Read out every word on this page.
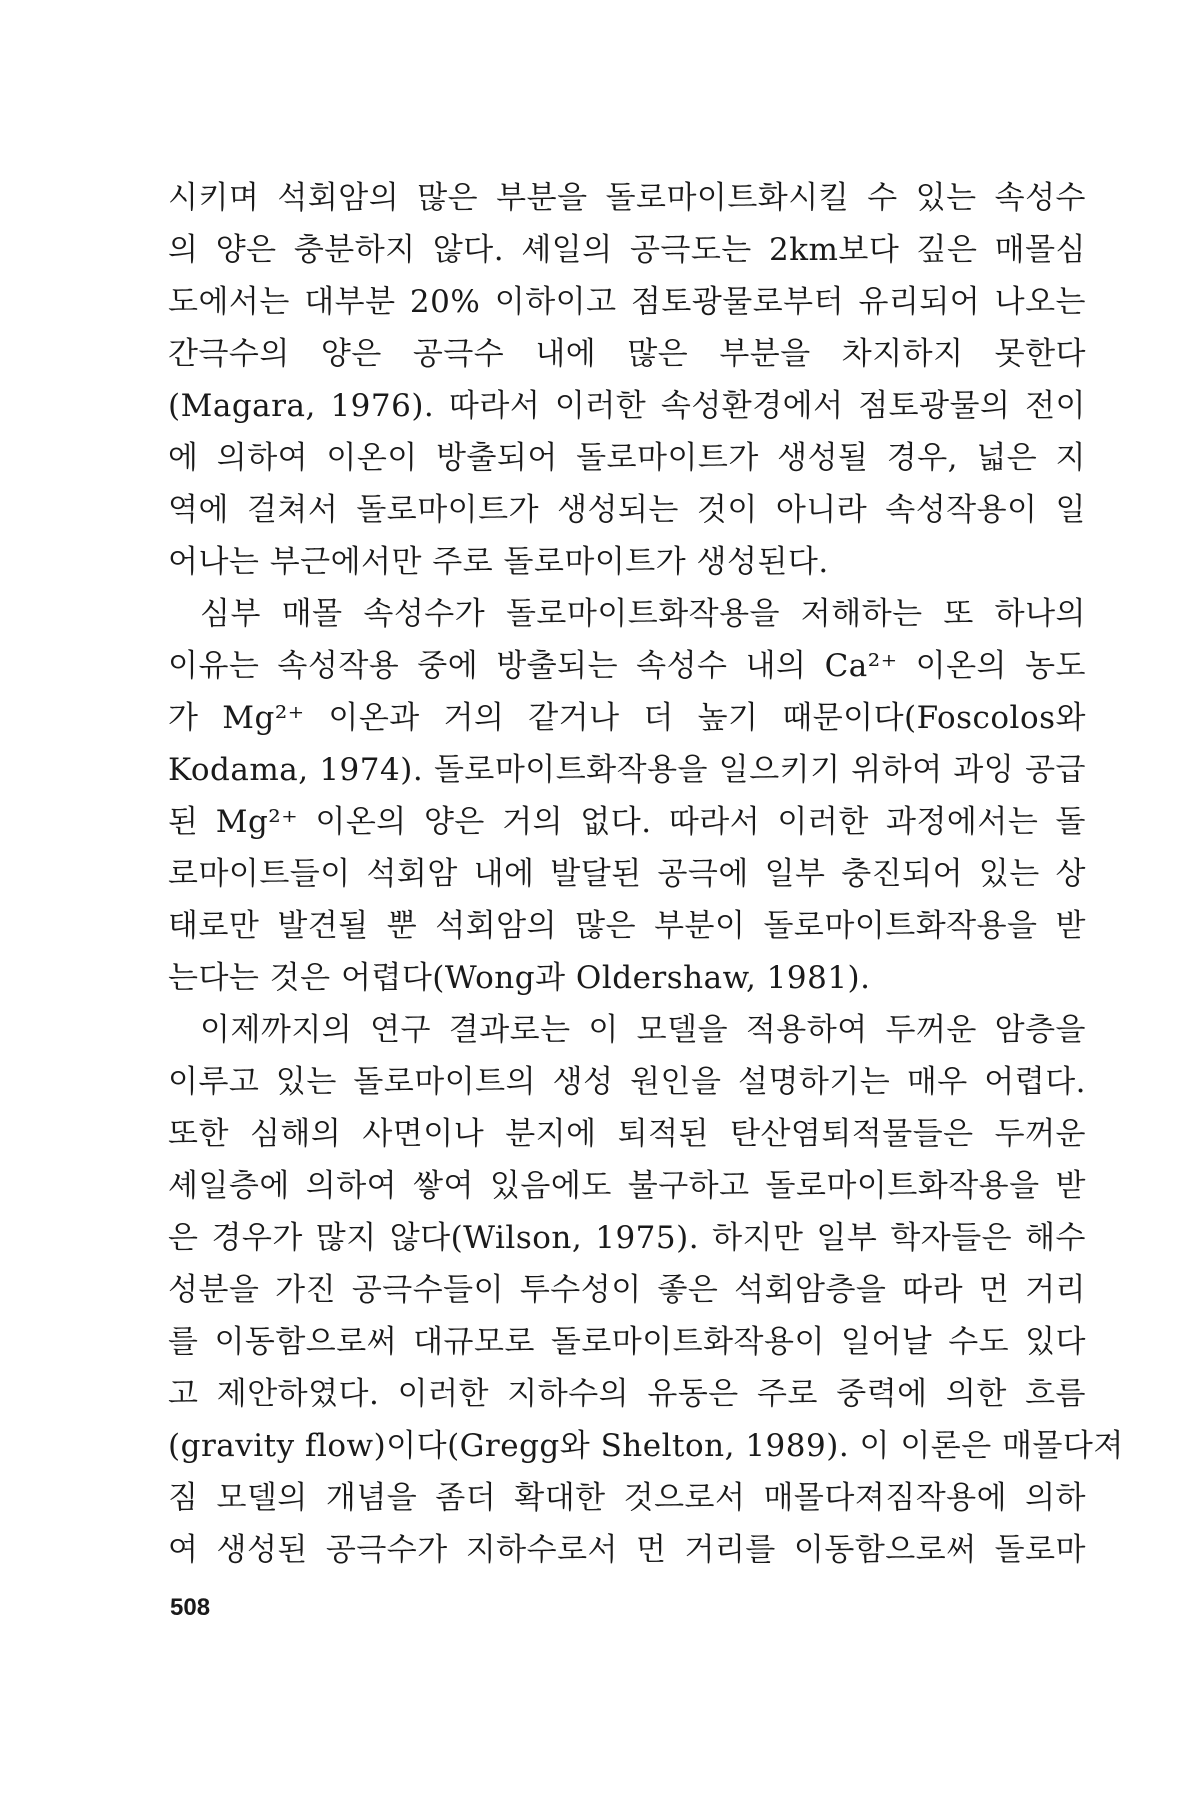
시키며 석회암의 많은 부분을 돌로마이트화시킬 수 있는 속성수
의 양은 충분하지 않다. 셰일의 공극도는 2km보다 깊은 매몰심
도에서는 대부분 20% 이하이고 점토광물로부터 유리되어 나오는
간극수의 양은 공극수 내에 많은 부분을 차지하지 못한다
(Magara, 1976). 따라서 이러한 속성환경에서 점토광물의 전이
에 의하여 이온이 방출되어 돌로마이트가 생성될 경우, 넓은 지
역에 걸쳐서 돌로마이트가 생성되는 것이 아니라 속성작용이 일
어나는 부근에서만 주로 돌로마이트가 생성된다.
심부 매몰 속성수가 돌로마이트화작용을 저해하는 또 하나의
이유는 속성작용 중에 방출되는 속성수 내의 Ca²⁺ 이온의 농도
가 Mg²⁺ 이온과 거의 같거나 더 높기 때문이다(Foscolos와
Kodama, 1974). 돌로마이트화작용을 일으키기 위하여 과잉 공급
된 Mg²⁺ 이온의 양은 거의 없다. 따라서 이러한 과정에서는 돌
로마이트들이 석회암 내에 발달된 공극에 일부 충진되어 있는 상
태로만 발견될 뿐 석회암의 많은 부분이 돌로마이트화작용을 받
는다는 것은 어렵다(Wong과 Oldershaw, 1981).
이제까지의 연구 결과로는 이 모델을 적용하여 두꺼운 암층을
이루고 있는 돌로마이트의 생성 원인을 설명하기는 매우 어렵다.
또한 심해의 사면이나 분지에 퇴적된 탄산염퇴적물들은 두꺼운
셰일층에 의하여 쌓여 있음에도 불구하고 돌로마이트화작용을 받
은 경우가 많지 않다(Wilson, 1975). 하지만 일부 학자들은 해수
성분을 가진 공극수들이 투수성이 좋은 석회암층을 따라 먼 거리
를 이동함으로써 대규모로 돌로마이트화작용이 일어날 수도 있다
고 제안하였다. 이러한 지하수의 유동은 주로 중력에 의한 흐름
(gravity flow)이다(Gregg와 Shelton, 1989). 이 이론은 매몰다져
짐 모델의 개념을 좀더 확대한 것으로서 매몰다져짐작용에 의하
여 생성된 공극수가 지하수로서 먼 거리를 이동함으로써 돌로마
508
